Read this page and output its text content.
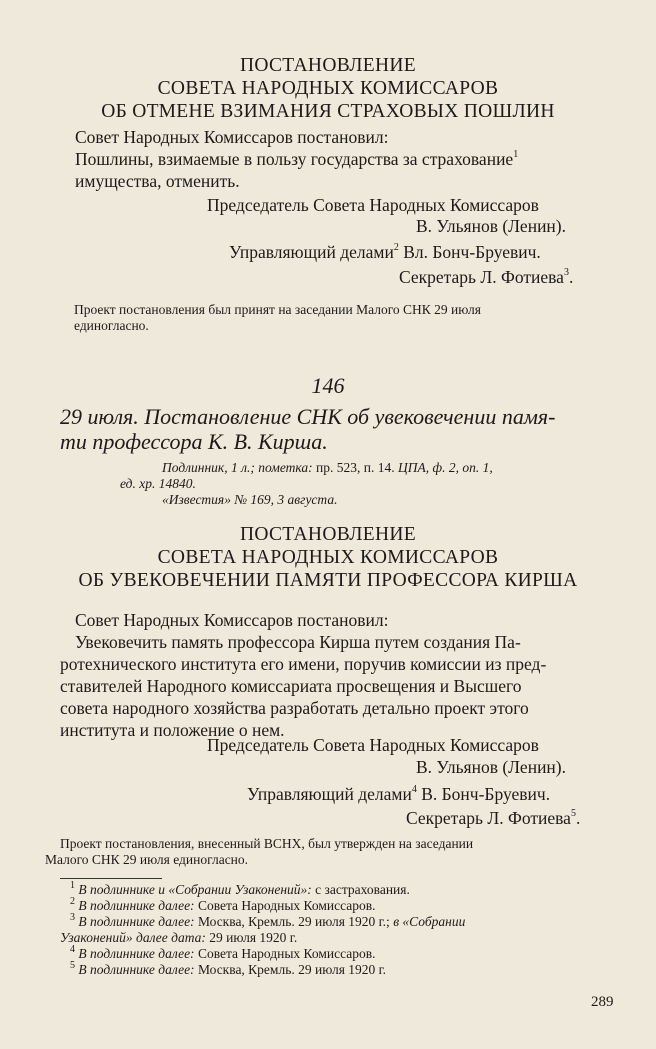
ПОСТАНОВЛЕНИЕ
СОВЕТА НАРОДНЫХ КОМИССАРОВ
ОБ ОТМЕНЕ ВЗИМАНИЯ СТРАХОВЫХ ПОШЛИН
Совет Народных Комиссаров постановил:
Пошлины, взимаемые в пользу государства за страхование$^1$
имущества, отменить.
Председатель Совета Народных Комиссаров
В. Ульянов (Ленин).
Управляющий делами$^2$ Вл. Бонч-Бруевич.
Секретарь Л. Фотиева$^3$.
Проект постановления был принят на заседании Малого СНК 29 июля
единогласно.
146
29 июля. Постановление СНК об увековечении памя-
ти профессора К. В. Кирша.
Подлинник, 1 л.; пометка: пр. 523, п. 14. ЦПА, ф. 2, оп. 1,
ед. хр. 14840.
«Известия» № 169, 3 августа.
ПОСТАНОВЛЕНИЕ
СОВЕТА НАРОДНЫХ КОМИССАРОВ
ОБ УВЕКОВЕЧЕНИИ ПАМЯТИ ПРОФЕССОРА КИРША
Совет Народных Комиссаров постановил:
Увековечить память профессора Кирша путем создания Па-
ротехнического института его имени, поручив комиссии из пред-
ставителей Народного комиссариата просвещения и Высшего
совета народного хозяйства разработать детально проект этого
института и положение о нем.
Председатель Совета Народных Комиссаров
В. Ульянов (Ленин).
Управляющий делами$^4$ В. Бонч-Бруевич.
Секретарь Л. Фотиева$^5$.
Проект постановления, внесенный ВСНХ, был утвержден на заседании
Малого СНК 29 июля единогласно.
$^1$ В подлиннике и «Собрании Узаконений»: с застрахования.
$^2$ В подлиннике далее: Совета Народных Комиссаров.
$^3$ В подлиннике далее: Москва, Кремль. 29 июля 1920 г.; в «Собрании
Узаконений» далее дата: 29 июля 1920 г.
$^4$ В подлиннике далее: Совета Народных Комиссаров.
$^5$ В подлиннике далее: Москва, Кремль. 29 июля 1920 г.
289
